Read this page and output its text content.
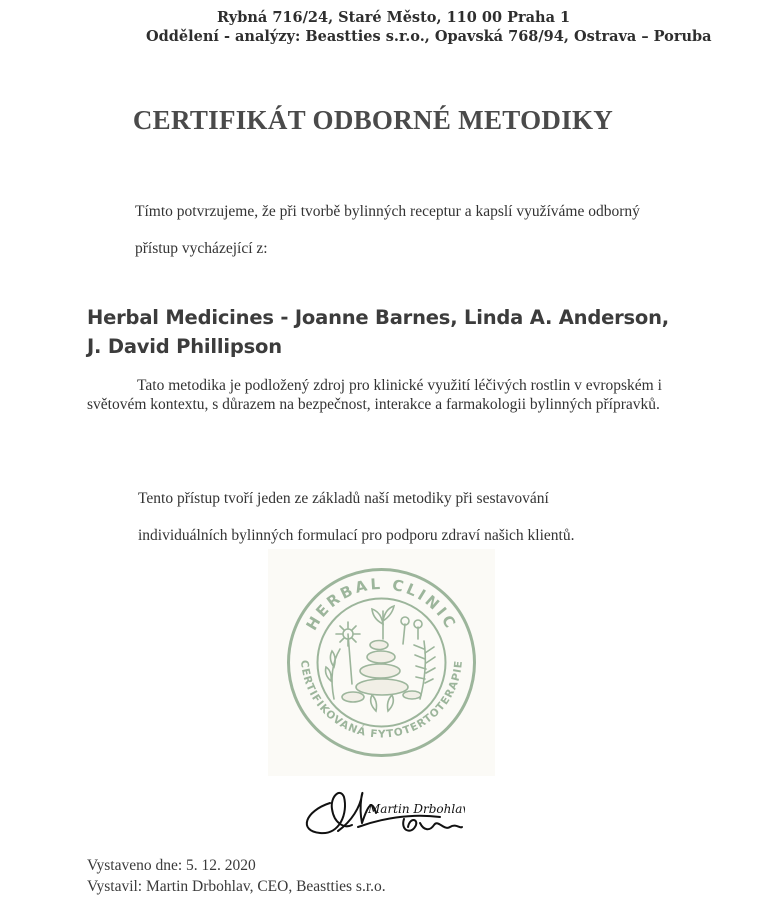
Rybná 716/24, Staré Město, 110 00 Praha 1
Oddělení - analýzy: Beastties s.r.o., Opavská 768/94, Ostrava – Poruba
CERTIFIKÁT ODBORNÉ METODIKY

Tímto potvrzujeme, že při tvorbě bylinných receptur a kapslí využíváme odborný

přístup vycházející z:

Herbal Medicines - Joanne Barnes, Linda A. Anderson,
J. David Phillipson
Tato metodika je podložený zdroj pro klinické využití léčivých rostlin v evropském i světovém kontextu, s důrazem na bezpečnost, interakce a farmakologii bylinných přípravků.

Tento přístup tvoří jeden ze základů naší metodiky při sestavování

individuálních bylinných formulací pro podporu zdraví našich klientů.

HERBAL CLINIC
CERTIFIKOVANÁ FYTOTERTOTERAPIE
Martin Drbohlav
Vystaveno dne: 5. 12. 2020
Vystavil: Martin Drbohlav, CEO, Beastties s.r.o.
